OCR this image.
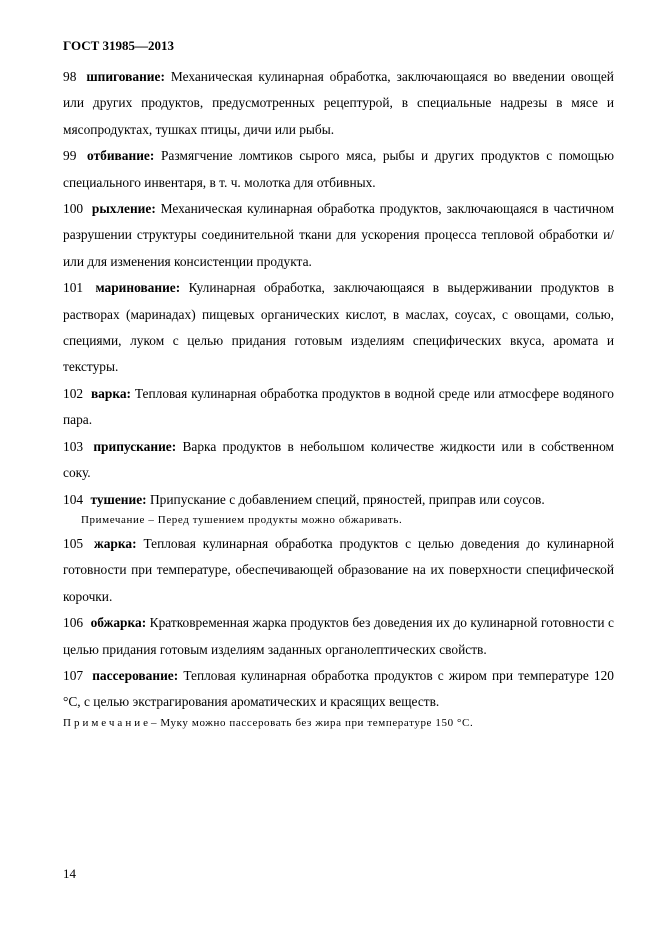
ГОСТ 31985—2013

98 шпигование: Механическая кулинарная обработка, заключающаяся во введении овощей или других продуктов, предусмотренных рецептурой, в специальные надрезы в мясе и мясопродуктах, тушках птицы, дичи или рыбы.

99 отбивание: Размягчение ломтиков сырого мяса, рыбы и других продуктов с помощью специального инвентаря, в т. ч. молотка для отбивных.

100 рыхление: Механическая кулинарная обработка продуктов, заключающаяся в частичном разрушении структуры соединительной ткани для ускорения процесса тепловой обработки и/или для изменения консистенции продукта.

101 маринование: Кулинарная обработка, заключающаяся в выдерживании продуктов в растворах (маринадах) пищевых органических кислот, в маслах, соусах, с овощами, солью, специями, луком с целью придания готовым изделиям специфических вкуса, аромата и текстуры.

102 варка: Тепловая кулинарная обработка продуктов в водной среде или атмосфере водяного пара.

103 припускание: Варка продуктов в небольшом количестве жидкости или в собственном соку.

104 тушение: Припускание с добавлением специй, пряностей, приправ или соусов.

Примечание – Перед тушением продукты можно обжаривать.

105 жарка: Тепловая кулинарная обработка продуктов с целью доведения до кулинарной готовности при температуре, обеспечивающей образование на их поверхности специфической корочки.

106 обжарка: Кратковременная жарка продуктов без доведения их до кулинарной готовности с целью придания готовым изделиям заданных органолептических свойств.

107 пассерование: Тепловая кулинарная обработка продуктов с жиром при температуре 120 °С, с целью экстрагирования ароматических и красящих веществ.

Примечание– Муку можно пассеровать без жира при температуре 150 °С.

14
